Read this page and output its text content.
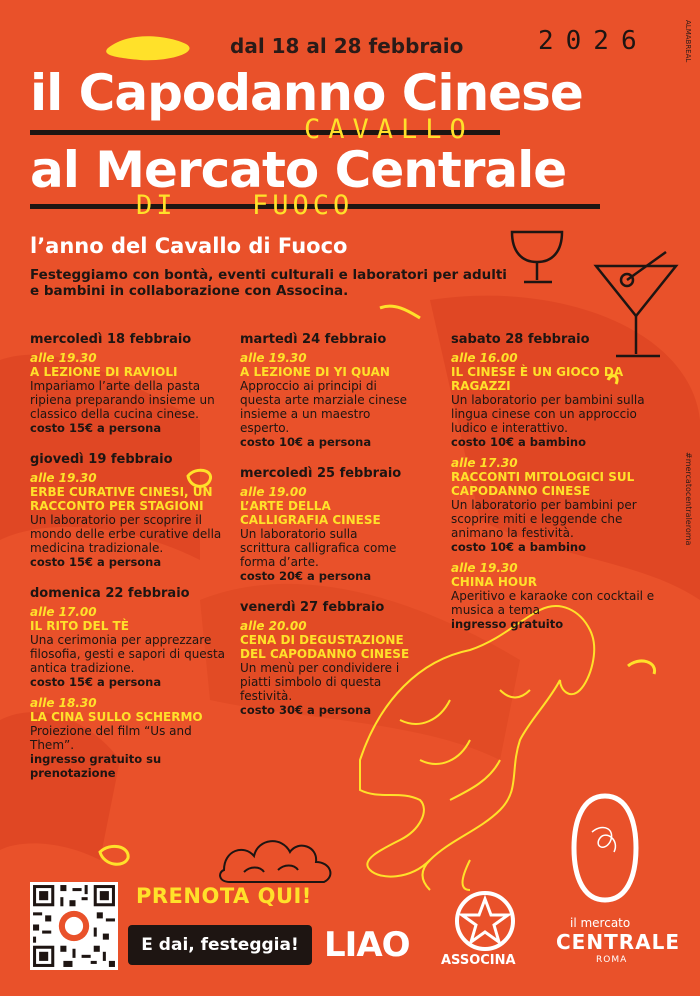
dal 18 al 28 febbraio	2026	ALMABREAL
il Capodanno Cinese
al Mercato Centrale
CAVALLO
DI	FUOCO
l’anno del Cavallo di Fuoco
Festeggiamo con bontà, eventi culturali e laboratori per adulti e bambini in collaborazione con Associna.
#mercatocentraleroma
mercoledì 18 febbraio
alle 19.30
A LEZIONE DI RAVIOLI
Impariamo l’arte della pasta ripiena preparando insieme un classico della cucina cinese.
costo 15€ a persona
giovedì 19 febbraio
alle 19.30
ERBE CURATIVE CINESI, UN RACCONTO PER STAGIONI
Un laboratorio per scoprire il mondo delle erbe curative della medicina tradizionale.
costo 15€ a persona
domenica 22 febbraio
alle 17.00
IL RITO DEL TÈ
Una cerimonia per apprezzare filosofia, gesti e sapori di questa antica tradizione.
costo 15€ a persona
alle 18.30
LA CINA SULLO SCHERMO
Proiezione del film “Us and Them”.
ingresso gratuito su prenotazione
martedì 24 febbraio
alle 19.30
A LEZIONE DI YI QUAN
Approccio ai principi di questa arte marziale cinese insieme a un maestro esperto.
costo 10€ a persona
mercoledì 25 febbraio
alle 19.00
L’ARTE DELLA CALLIGRAFIA CINESE
Un laboratorio sulla scrittura calligrafica come forma d’arte.
costo 20€ a persona
venerdì 27 febbraio
alle 20.00
CENA DI DEGUSTAZIONE DEL CAPODANNO CINESE
Un menù per condividere i piatti simbolo di questa festività.
costo 30€ a persona
sabato 28 febbraio
alle 16.00
IL CINESE È UN GIOCO DA RAGAZZI
Un laboratorio per bambini sulla lingua cinese con un approccio ludico e interattivo.
costo 10€ a bambino
alle 17.30
RACCONTI MITOLOGICI SUL CAPODANNO CINESE
Un laboratorio per bambini per scoprire miti e leggende che animano la festività.
costo 10€ a bambino
alle 19.30
CHINA HOUR
Aperitivo e karaoke con cocktail e musica a tema
ingresso gratuito
PRENOTA QUI!
E dai, festeggia! LIAO ASSOCINA
il mercato
CENTRALE
ROMA
